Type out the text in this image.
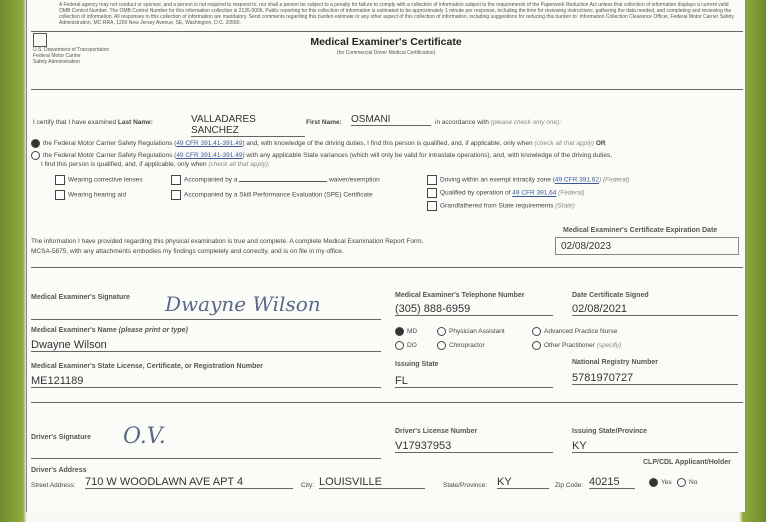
A Federal agency may not conduct or sponsor, and a person is not required to respond to, nor shall a person be subject to a penalty for failure to comply with a collection of information subject to the requirements of the Paperwork Reduction Act unless that collection of information displays a current valid OMB Control Number. The OMB Control Number for this information collection is 2126-0006. Public reporting for this collection of information is estimated to be approximately 1 minute per response, including the time for reviewing instructions, gathering the data needed, and completing and reviewing the collection of information. All responses to this collection of information are mandatory. Send comments regarding this burden estimate or any other aspect of this collection of information, including suggestions for reducing this burden to: Information Collection Clearance Officer, Federal Motor Carrier Safety Administration, MC-RRA, 1200 New Jersey Avenue, SE, Washington, D.C. 20590.
U.S. Department of Transportation
Federal Motor Carrier
Safety Administration
Medical Examiner's Certificate
(for Commercial Driver Medical Certification)
I certify that I have examined Last Name:	VALLADARES SANCHEZ
First Name: OSMANI	in accordance with (please check only one):
the Federal Motor Carrier Safety Regulations (49 CFR 391.41-391.49) and, with knowledge of the driving duties, I find this person is qualified, and, if applicable, only when (check all that apply) OR
the Federal Motor Carrier Safety Regulations (49 CFR 391.41-391.49) with any applicable State variances (which will only be valid for intrastate operations), and, with knowledge of the driving duties,
I find this person is qualified, and, if applicable, only when (check all that apply):
Wearing corrective lenses
Wearing hearing aid
Accompanied by a	waiver/exemption
Accompanied by a Skill Performance Evaluation (SPE) Certificate
Driving within an exempt intracity zone (49 CFR 391.62) (Federal)
Qualified by operation of 49 CFR 391.64 (Federal)
Grandfathered from State requirements (State)
The information I have provided regarding this physical examination is true and complete. A complete Medical Examination Report Form,
MCSA-5875, with any attachments embodies my findings completely and correctly, and is on file in my office.
Medical Examiner's Certificate Expiration Date
02/08/2023
Medical Examiner's Signature Dwayne Wilson	Medical Examiner's Telephone Number
(305) 888-6959
Date Certificate Signed
02/08/2021
Medical Examiner's Name (please print or type)
Dwayne Wilson
MD
DO
Physician Assistant
Chiropractor
Advanced Practice Nurse
Other Practitioner (specify)
Medical Examiner's State License, Certificate, or Registration Number
ME121189
Issuing State
FL
National Registry Number
5781970727
Driver's Signature O.V.	Driver's License Number
V17937953
Issuing State/Province
KY
Driver's Address
CLP/CDL Applicant/Holder
Street Address: 710 W WOODLAWN AVE APT 4	City: LOUISVILLE	State/Province: KY	Zip Code: 40215	Yes	No
